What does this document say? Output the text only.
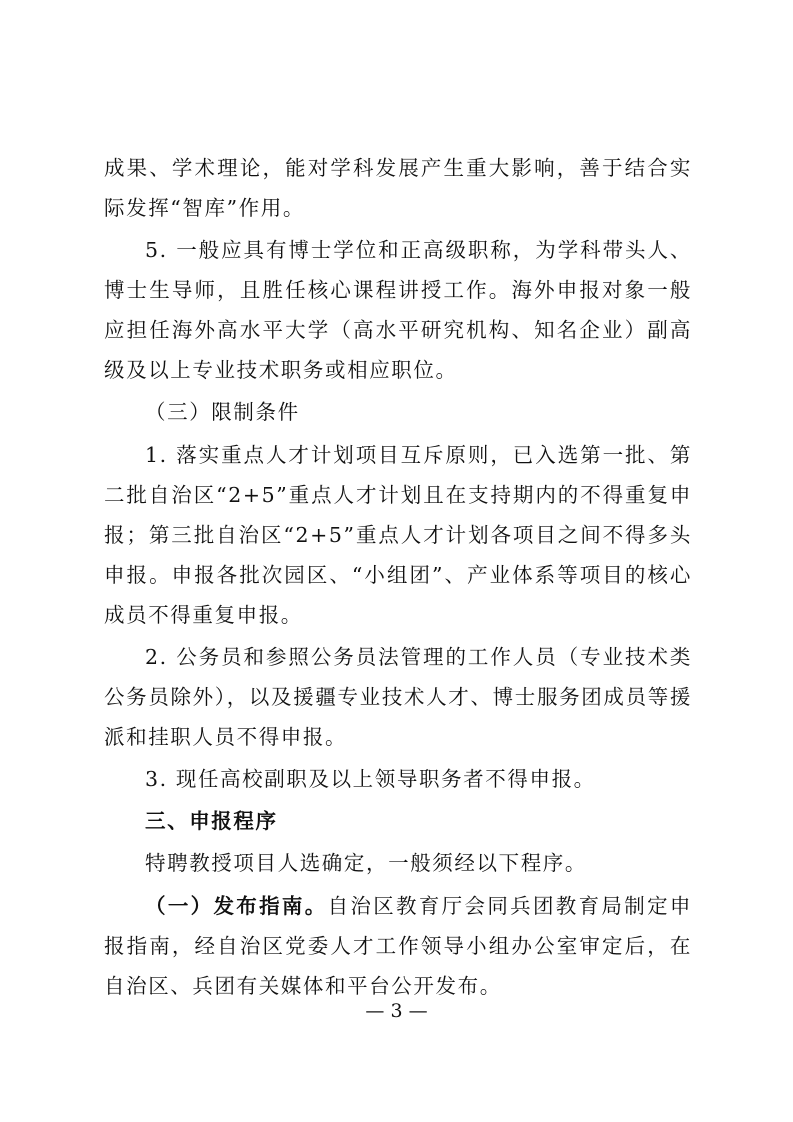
成果、学术理论，能对学科发展产生重大影响，善于结合实际发挥“智库”作用。

5. 一般应具有博士学位和正高级职称，为学科带头人、博士生导师，且胜任核心课程讲授工作。海外申报对象一般应担任海外高水平大学（高水平研究机构、知名企业）副高级及以上专业技术职务或相应职位。

（三）限制条件

1. 落实重点人才计划项目互斥原则，已入选第一批、第二批自治区“2+5”重点人才计划且在支持期内的不得重复申报；第三批自治区“2+5”重点人才计划各项目之间不得多头申报。申报各批次园区、“小组团”、产业体系等项目的核心成员不得重复申报。

2. 公务员和参照公务员法管理的工作人员（专业技术类公务员除外），以及援疆专业技术人才、博士服务团成员等援派和挂职人员不得申报。

3. 现任高校副职及以上领导职务者不得申报。

三、申报程序

特聘教授项目人选确定，一般须经以下程序。

（一）发布指南。自治区教育厅会同兵团教育局制定申报指南，经自治区党委人才工作领导小组办公室审定后，在自治区、兵团有关媒体和平台公开发布。

— 3 —
